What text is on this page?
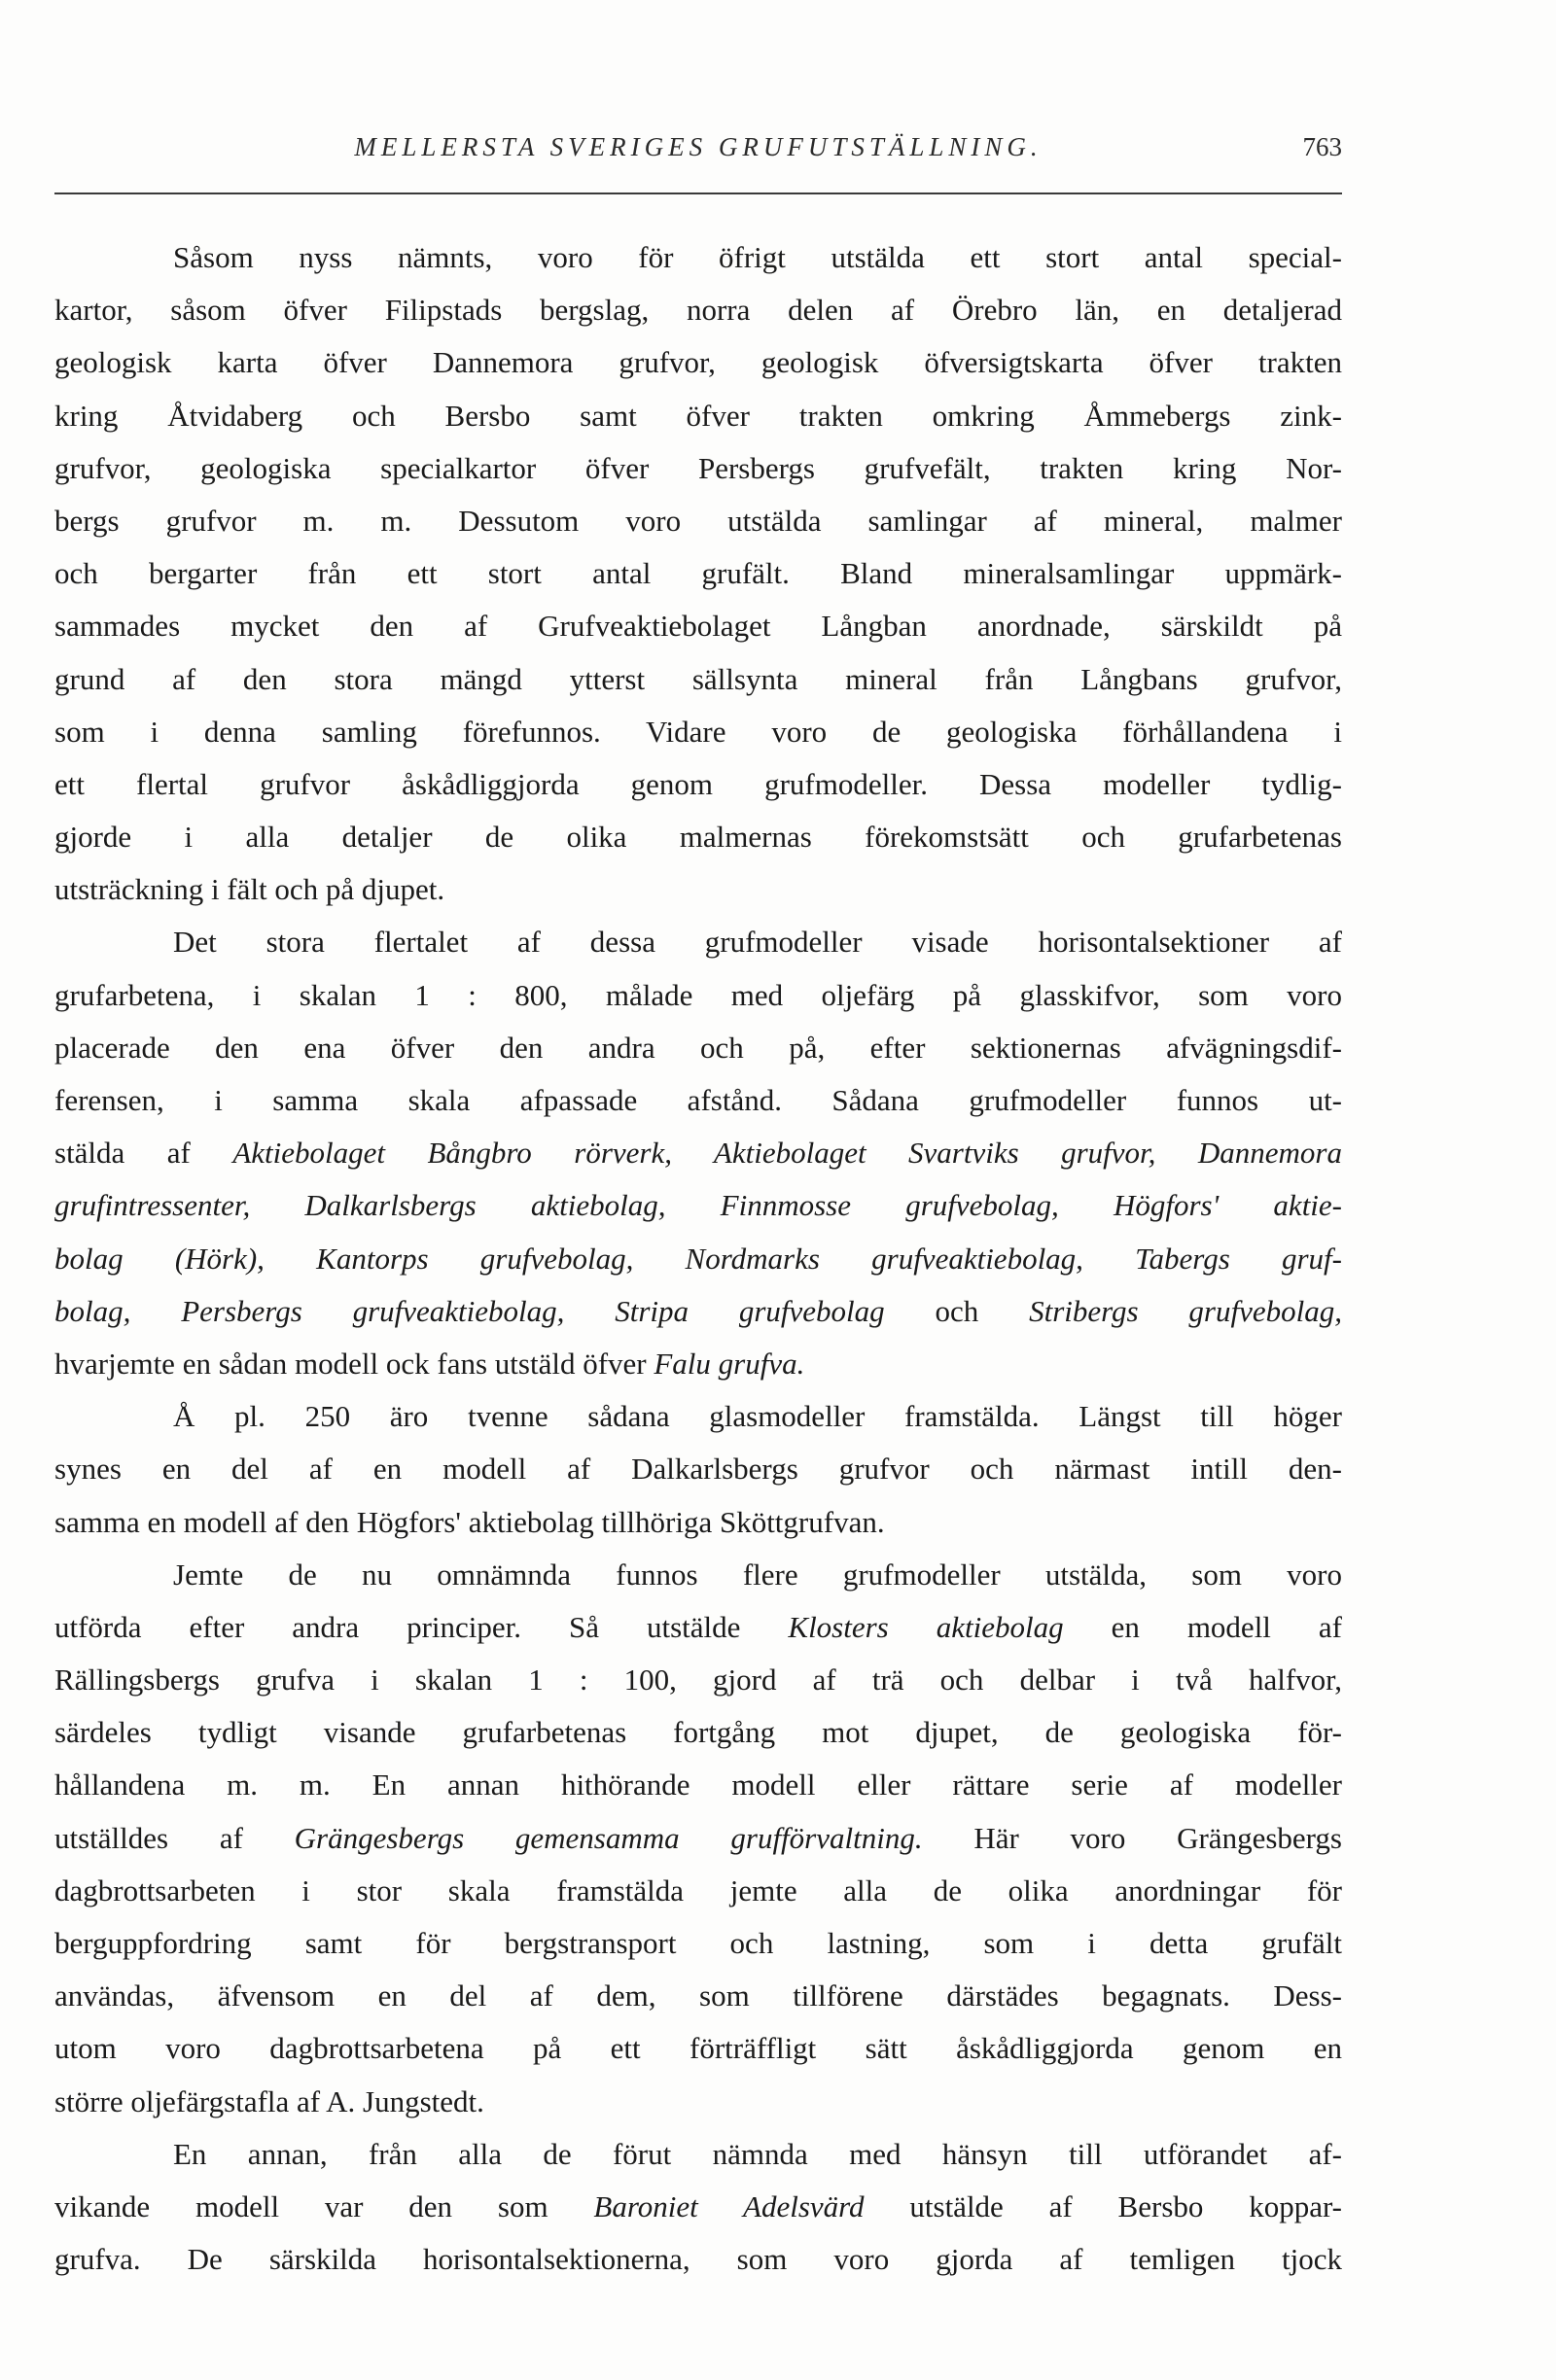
MELLERSTA SVERIGES GRUFUTSTÄLLNING.	763
Såsom nyss nämnts, voro för öfrigt utstälda ett stort antal special-
kartor, såsom öfver Filipstads bergslag, norra delen af Örebro län, en detaljerad
geologisk karta öfver Dannemora grufvor, geologisk öfversigtskarta öfver trakten
kring Åtvidaberg och Bersbo samt öfver trakten omkring Åmmebergs zink-
grufvor, geologiska specialkartor öfver Persbergs grufvefält, trakten kring Nor-
bergs grufvor m. m. Dessutom voro utstälda samlingar af mineral, malmer
och bergarter från ett stort antal grufält. Bland mineralsamlingar uppmärk-
sammades mycket den af Grufveaktiebolaget Långban anordnade, särskildt på
grund af den stora mängd ytterst sällsynta mineral från Långbans grufvor,
som i denna samling förefunnos. Vidare voro de geologiska förhållandena i
ett flertal grufvor åskådliggjorda genom grufmodeller. Dessa modeller tydlig-
gjorde i alla detaljer de olika malmernas förekomstsätt och grufarbetenas
utsträckning i fält och på djupet.
Det stora flertalet af dessa grufmodeller visade horisontalsektioner af
grufarbetena, i skalan 1 : 800, målade med oljefärg på glasskifvor, som voro
placerade den ena öfver den andra och på, efter sektionernas afvägningsdif-
ferensen, i samma skala afpassade afstånd. Sådana grufmodeller funnos ut-
stälda af Aktiebolaget Bångbro rörverk, Aktiebolaget Svartviks grufvor, Dannemora
grufintressenter, Dalkarlsbergs aktiebolag, Finnmosse grufvebolag, Högfors' aktie-
bolag (Hörk), Kantorps grufvebolag, Nordmarks grufveaktiebolag, Tabergs gruf-
bolag, Persbergs grufveaktiebolag, Stripa grufvebolag och Stribergs grufvebolag,
hvarjemte en sådan modell ock fans utstäld öfver Falu grufva.
Å pl. 250 äro tvenne sådana glasmodeller framstälda. Längst till höger
synes en del af en modell af Dalkarlsbergs grufvor och närmast intill den-
samma en modell af den Högfors' aktiebolag tillhöriga Sköttgrufvan.
Jemte de nu omnämnda funnos flere grufmodeller utstälda, som voro
utförda efter andra principer. Så utstälde Klosters aktiebolag en modell af
Rällingsbergs grufva i skalan 1 : 100, gjord af trä och delbar i två halfvor,
särdeles tydligt visande grufarbetenas fortgång mot djupet, de geologiska för-
hållandena m. m. En annan hithörande modell eller rättare serie af modeller
utställdes af Grängesbergs gemensamma grufförvaltning. Här voro Grängesbergs
dagbrottsarbeten i stor skala framstälda jemte alla de olika anordningar för
berguppfordring samt för bergstransport och lastning, som i detta grufält
användas, äfvensom en del af dem, som tillförene därstädes begagnats. Dess-
utom voro dagbrottsarbetena på ett förträffligt sätt åskådliggjorda genom en
större oljefärgstafla af A. Jungstedt.
En annan, från alla de förut nämnda med hänsyn till utförandet af-
vikande modell var den som Baroniet Adelsvärd utstälde af Bersbo koppar-
grufva. De särskilda horisontalsektionerna, som voro gjorda af temligen tjock
